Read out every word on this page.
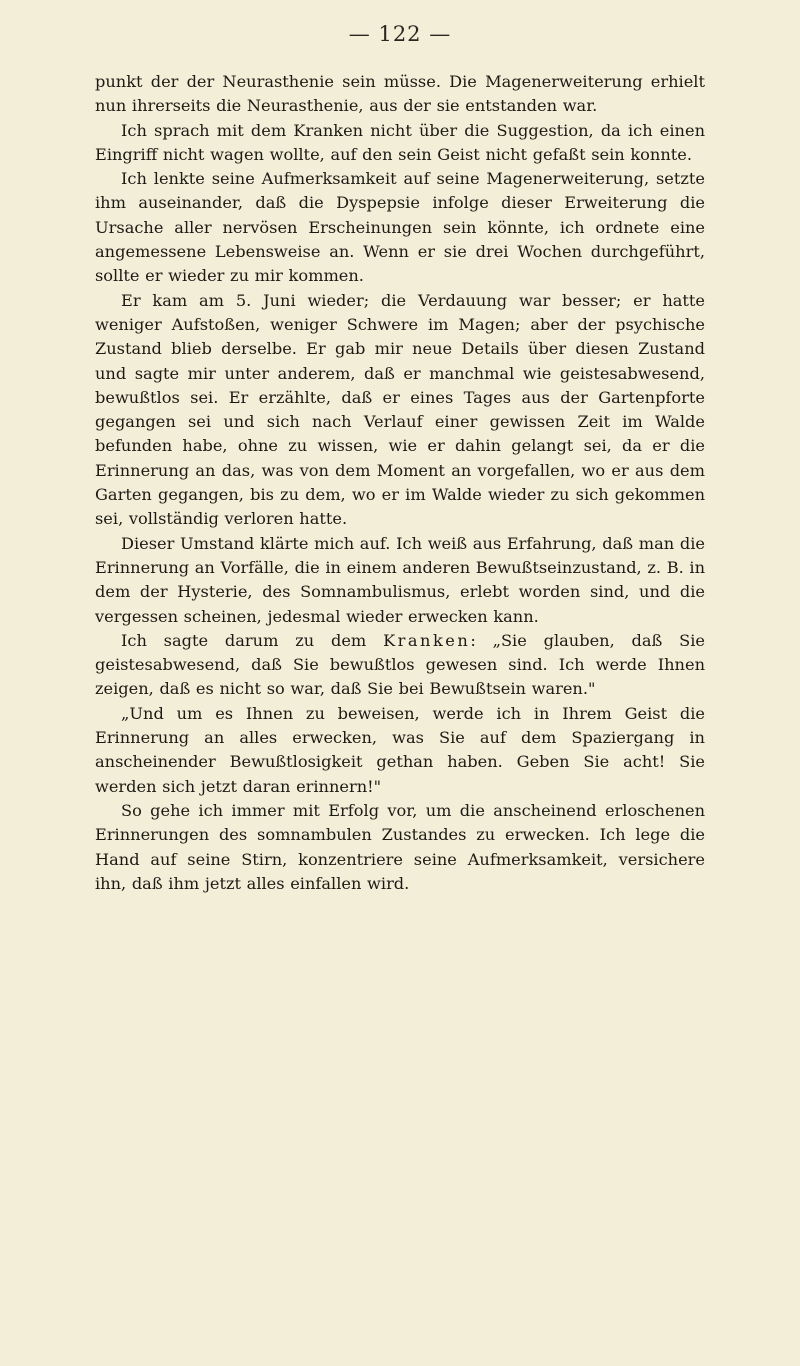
— 122 —

punkt der der Neurasthenie sein müsse. Die Magenerweiterung erhielt nun ihrerseits die Neurasthenie, aus der sie entstanden war.

Ich sprach mit dem Kranken nicht über die Suggestion, da ich einen Eingriff nicht wagen wollte, auf den sein Geist nicht gefaßt sein konnte.

Ich lenkte seine Aufmerksamkeit auf seine Magenerweiterung, setzte ihm auseinander, daß die Dyspepsie infolge dieser Erweiterung die Ursache aller nervösen Erscheinungen sein könnte, ich ordnete eine angemessene Lebensweise an. Wenn er sie drei Wochen durchgeführt, sollte er wieder zu mir kommen.

Er kam am 5. Juni wieder; die Verdauung war besser; er hatte weniger Aufstoßen, weniger Schwere im Magen; aber der psychische Zustand blieb derselbe. Er gab mir neue Details über diesen Zustand und sagte mir unter anderem, daß er manchmal wie geistesabwesend, bewußtlos sei. Er erzählte, daß er eines Tages aus der Gartenpforte gegangen sei und sich nach Verlauf einer gewissen Zeit im Walde befunden habe, ohne zu wissen, wie er dahin gelangt sei, da er die Erinnerung an das, was von dem Moment an vorgefallen, wo er aus dem Garten gegangen, bis zu dem, wo er im Walde wieder zu sich gekommen sei, vollständig verloren hatte.

Dieser Umstand klärte mich auf. Ich weiß aus Erfahrung, daß man die Erinnerung an Vorfälle, die in einem anderen Bewußtseinzustand, z. B. in dem der Hysterie, des Somnambulismus, erlebt worden sind, und die vergessen scheinen, jedesmal wieder erwecken kann.

Ich sagte darum zu dem Kranken: „Sie glauben, daß Sie geistesabwesend, daß Sie bewußtlos gewesen sind. Ich werde Ihnen zeigen, daß es nicht so war, daß Sie bei Bewußtsein waren."

„Und um es Ihnen zu beweisen, werde ich in Ihrem Geist die Erinnerung an alles erwecken, was Sie auf dem Spaziergang in anscheinender Bewußtlosigkeit gethan haben. Geben Sie acht! Sie werden sich jetzt daran erinnern!"

So gehe ich immer mit Erfolg vor, um die anscheinend erloschenen Erinnerungen des somnambulen Zustandes zu erwecken. Ich lege die Hand auf seine Stirn, konzentriere seine Aufmerksamkeit, versichere ihn, daß ihm jetzt alles einfallen wird.
